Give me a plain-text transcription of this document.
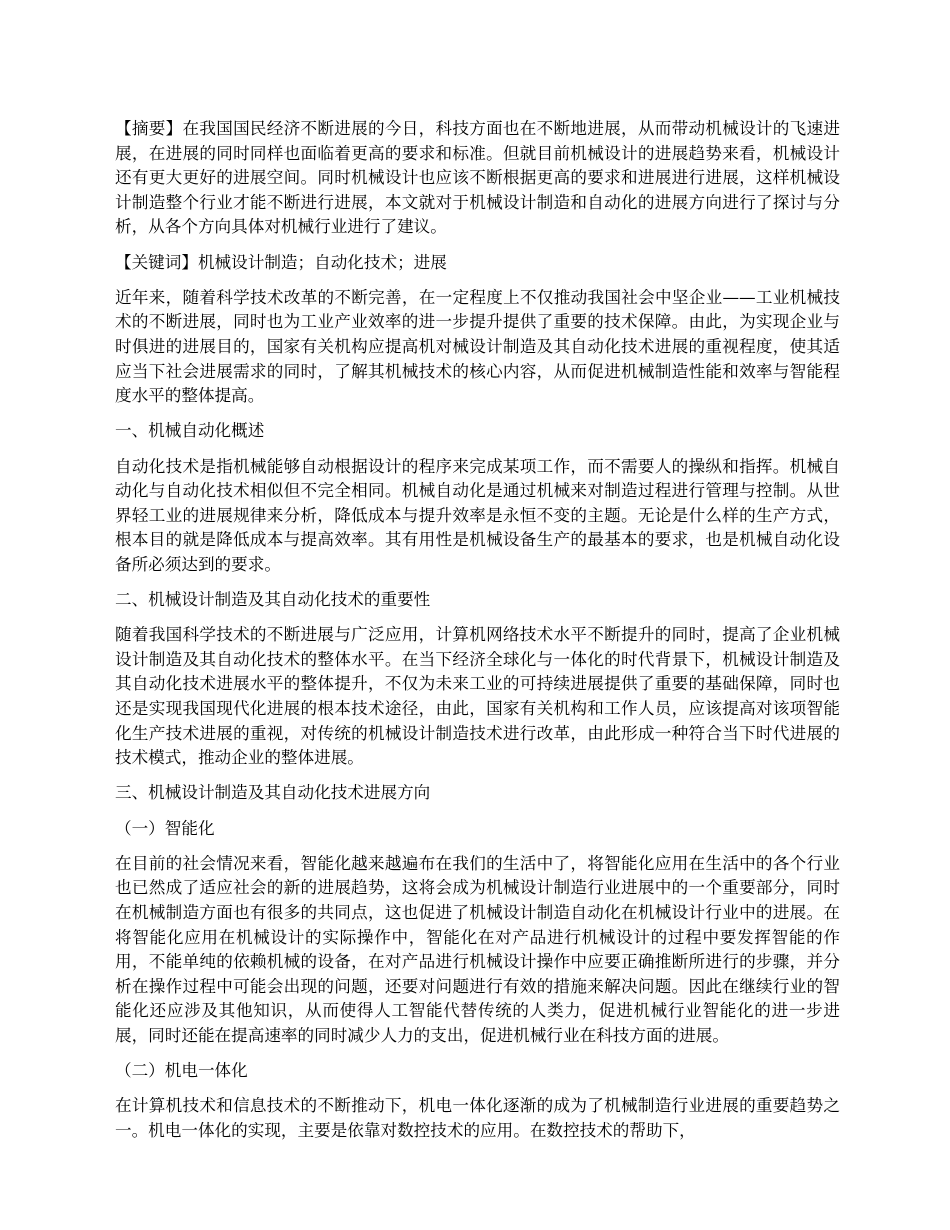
【摘要】在我国国民经济不断进展的今日，科技方面也在不断地进展，从而带动机械设计的飞速进展，在进展的同时同样也面临着更高的要求和标准。但就目前机械设计的进展趋势来看，机械设计还有更大更好的进展空间。同时机械设计也应该不断根据更高的要求和进展进行进展，这样机械设计制造整个行业才能不断进行进展，本文就对于机械设计制造和自动化的进展方向进行了探讨与分析，从各个方向具体对机械行业进行了建议。

【关键词】机械设计制造；自动化技术；进展

近年来，随着科学技术改革的不断完善，在一定程度上不仅推动我国社会中坚企业——工业机械技术的不断进展，同时也为工业产业效率的进一步提升提供了重要的技术保障。由此，为实现企业与时俱进的进展目的，国家有关机构应提高机对械设计制造及其自动化技术进展的重视程度，使其适应当下社会进展需求的同时，了解其机械技术的核心内容，从而促进机械制造性能和效率与智能程度水平的整体提高。

一、机械自动化概述

自动化技术是指机械能够自动根据设计的程序来完成某项工作，而不需要人的操纵和指挥。机械自动化与自动化技术相似但不完全相同。机械自动化是通过机械来对制造过程进行管理与控制。从世界轻工业的进展规律来分析，降低成本与提升效率是永恒不变的主题。无论是什么样的生产方式，根本目的就是降低成本与提高效率。其有用性是机械设备生产的最基本的要求，也是机械自动化设备所必须达到的要求。

二、机械设计制造及其自动化技术的重要性

随着我国科学技术的不断进展与广泛应用，计算机网络技术水平不断提升的同时，提高了企业机械设计制造及其自动化技术的整体水平。在当下经济全球化与一体化的时代背景下，机械设计制造及其自动化技术进展水平的整体提升，不仅为未来工业的可持续进展提供了重要的基础保障，同时也还是实现我国现代化进展的根本技术途径，由此，国家有关机构和工作人员，应该提高对该项智能化生产技术进展的重视，对传统的机械设计制造技术进行改革，由此形成一种符合当下时代进展的技术模式，推动企业的整体进展。

三、机械设计制造及其自动化技术进展方向

（一）智能化

在目前的社会情况来看，智能化越来越遍布在我们的生活中了，将智能化应用在生活中的各个行业也已然成了适应社会的新的进展趋势，这将会成为机械设计制造行业进展中的一个重要部分，同时在机械制造方面也有很多的共同点，这也促进了机械设计制造自动化在机械设计行业中的进展。在将智能化应用在机械设计的实际操作中，智能化在对产品进行机械设计的过程中要发挥智能的作用，不能单纯的依赖机械的设备，在对产品进行机械设计操作中应要正确推断所进行的步骤，并分析在操作过程中可能会出现的问题，还要对问题进行有效的措施来解决问题。因此在继续行业的智能化还应涉及其他知识，从而使得人工智能代替传统的人类力，促进机械行业智能化的进一步进展，同时还能在提高速率的同时减少人力的支出，促进机械行业在科技方面的进展。

（二）机电一体化

在计算机技术和信息技术的不断推动下，机电一体化逐渐的成为了机械制造行业进展的重要趋势之一。机电一体化的实现，主要是依靠对数控技术的应用。在数控技术的帮助下，
